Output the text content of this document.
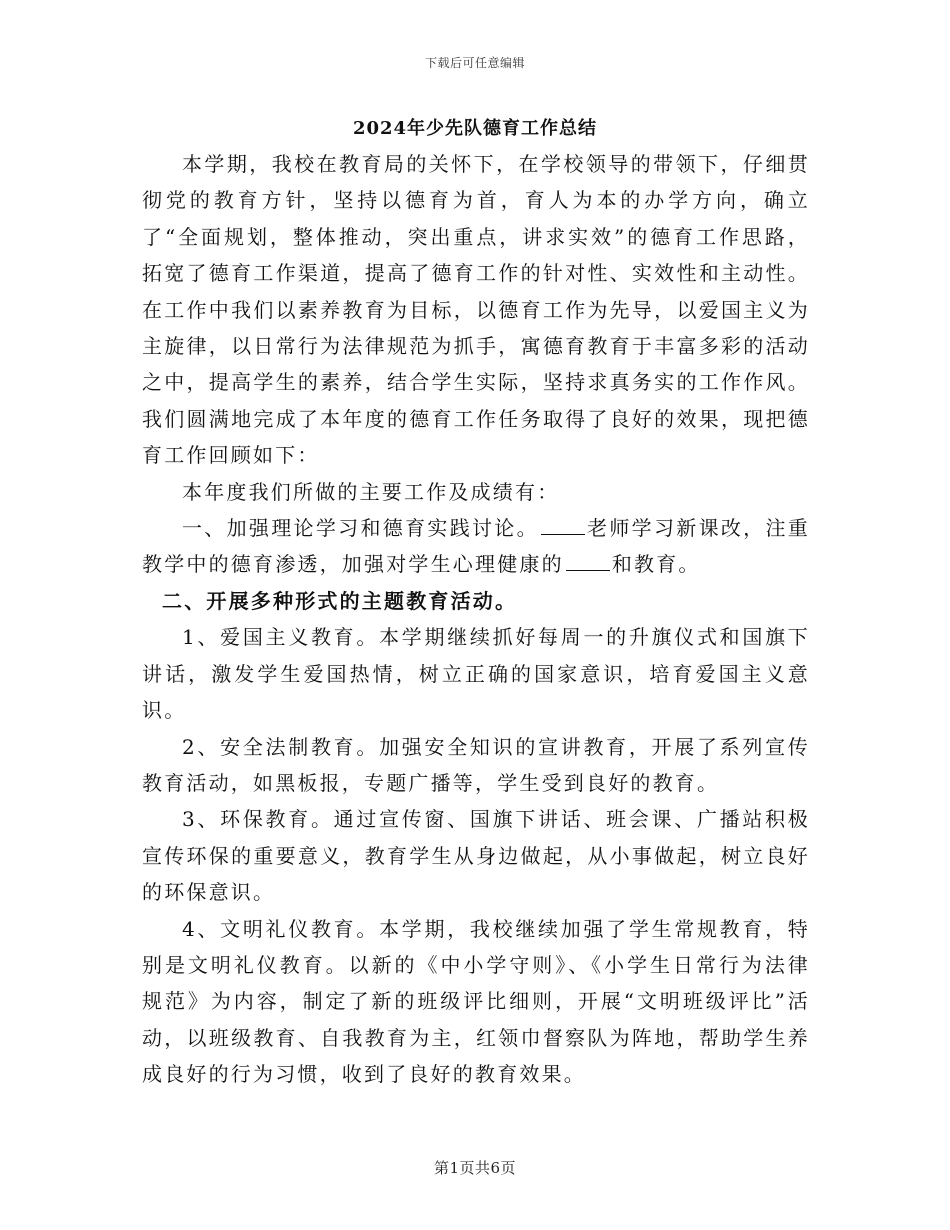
下载后可任意编辑
2024年少先队德育工作总结

本学期，我校在教育局的关怀下，在学校领导的带领下，仔细贯彻党的教育方针，坚持以德育为首，育人为本的办学方向，确立了“全面规划，整体推动，突出重点，讲求实效”的德育工作思路，拓宽了德育工作渠道，提高了德育工作的针对性、实效性和主动性。在工作中我们以素养教育为目标，以德育工作为先导，以爱国主义为主旋律，以日常行为法律规范为抓手，寓德育教育于丰富多彩的活动之中，提高学生的素养，结合学生实际，坚持求真务实的工作作风。我们圆满地完成了本年度的德育工作任务取得了良好的效果，现把德育工作回顾如下：

本年度我们所做的主要工作及成绩有：

一、加强理论学习和德育实践讨论。 老师学习新课改，注重教学中的德育渗透，加强对学生心理健康的 和教育。

二、开展多种形式的主题教育活动。

1、爱国主义教育。本学期继续抓好每周一的升旗仪式和国旗下讲话，激发学生爱国热情，树立正确的国家意识，培育爱国主义意识。

2、安全法制教育。加强安全知识的宣讲教育，开展了系列宣传教育活动，如黑板报，专题广播等，学生受到良好的教育。

3、环保教育。通过宣传窗、国旗下讲话、班会课、广播站积极宣传环保的重要意义，教育学生从身边做起，从小事做起，树立良好的环保意识。

4、文明礼仪教育。本学期，我校继续加强了学生常规教育，特别是文明礼仪教育。以新的《中小学守则》、《小学生日常行为法律规范》为内容，制定了新的班级评比细则，开展“文明班级评比”活动，以班级教育、自我教育为主，红领巾督察队为阵地，帮助学生养成良好的行为习惯，收到了良好的教育效果。

第1页共6页
